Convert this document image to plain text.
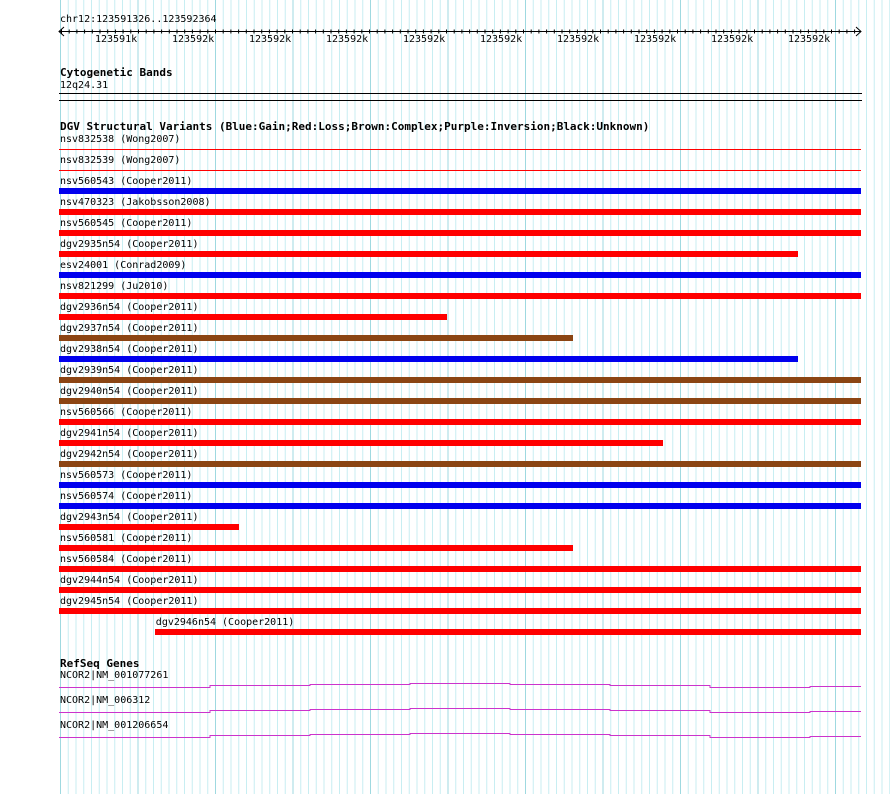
chr12:123591326..123592364
123591k	123592k	123592k	123592k	123592k	123592k	123592k	123592k	123592k	123592k
Cytogenetic Bands
12q24.31
DGV Structural Variants (Blue:Gain;Red:Loss;Brown:Complex;Purple:Inversion;Black:Unknown)
nsv832538 (Wong2007)
nsv832539 (Wong2007)
nsv560543 (Cooper2011)
nsv470323 (Jakobsson2008)
nsv560545 (Cooper2011)
dgv2935n54 (Cooper2011)
esv24001 (Conrad2009)
nsv821299 (Ju2010)
dgv2936n54 (Cooper2011)
dgv2937n54 (Cooper2011)
dgv2938n54 (Cooper2011)
dgv2939n54 (Cooper2011)
dgv2940n54 (Cooper2011)
nsv560566 (Cooper2011)
dgv2941n54 (Cooper2011)
dgv2942n54 (Cooper2011)
nsv560573 (Cooper2011)
nsv560574 (Cooper2011)
dgv2943n54 (Cooper2011)
nsv560581 (Cooper2011)
nsv560584 (Cooper2011)
dgv2944n54 (Cooper2011)
dgv2945n54 (Cooper2011)
dgv2946n54 (Cooper2011)
RefSeq Genes
NCOR2|NM_001077261
NCOR2|NM_006312
NCOR2|NM_001206654
